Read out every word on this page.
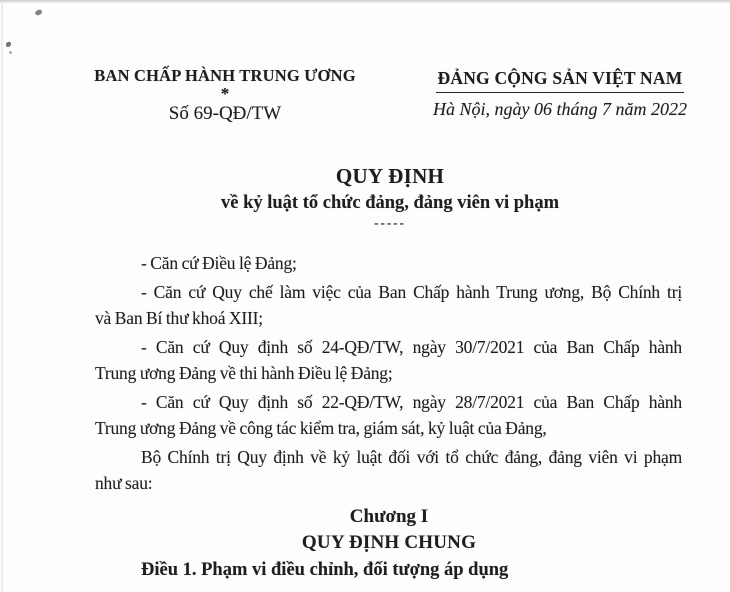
BAN CHẤP HÀNH TRUNG ƯƠNG
*
Số 69-QĐ/TW
ĐẢNG CỘNG SẢN VIỆT NAM
Hà Nội, ngày 06 tháng 7 năm 2022
QUY ĐỊNH
về kỷ luật tổ chức đảng, đảng viên vi phạm
-----
- Căn cứ Điều lệ Đảng;
- Căn cứ Quy chế làm việc của Ban Chấp hành Trung ương, Bộ Chính trị
và Ban Bí thư khoá XIII;
- Căn cứ Quy định số 24-QĐ/TW, ngày 30/7/2021 của Ban Chấp hành
Trung ương Đảng về thi hành Điều lệ Đảng;
- Căn cứ Quy định số 22-QĐ/TW, ngày 28/7/2021 của Ban Chấp hành
Trung ương Đảng về công tác kiểm tra, giám sát, kỷ luật của Đảng,
Bộ Chính trị Quy định về kỷ luật đối với tổ chức đảng, đảng viên vi phạm
như sau:
Chương I
QUY ĐỊNH CHUNG
Điều 1. Phạm vi điều chỉnh, đối tượng áp dụng
